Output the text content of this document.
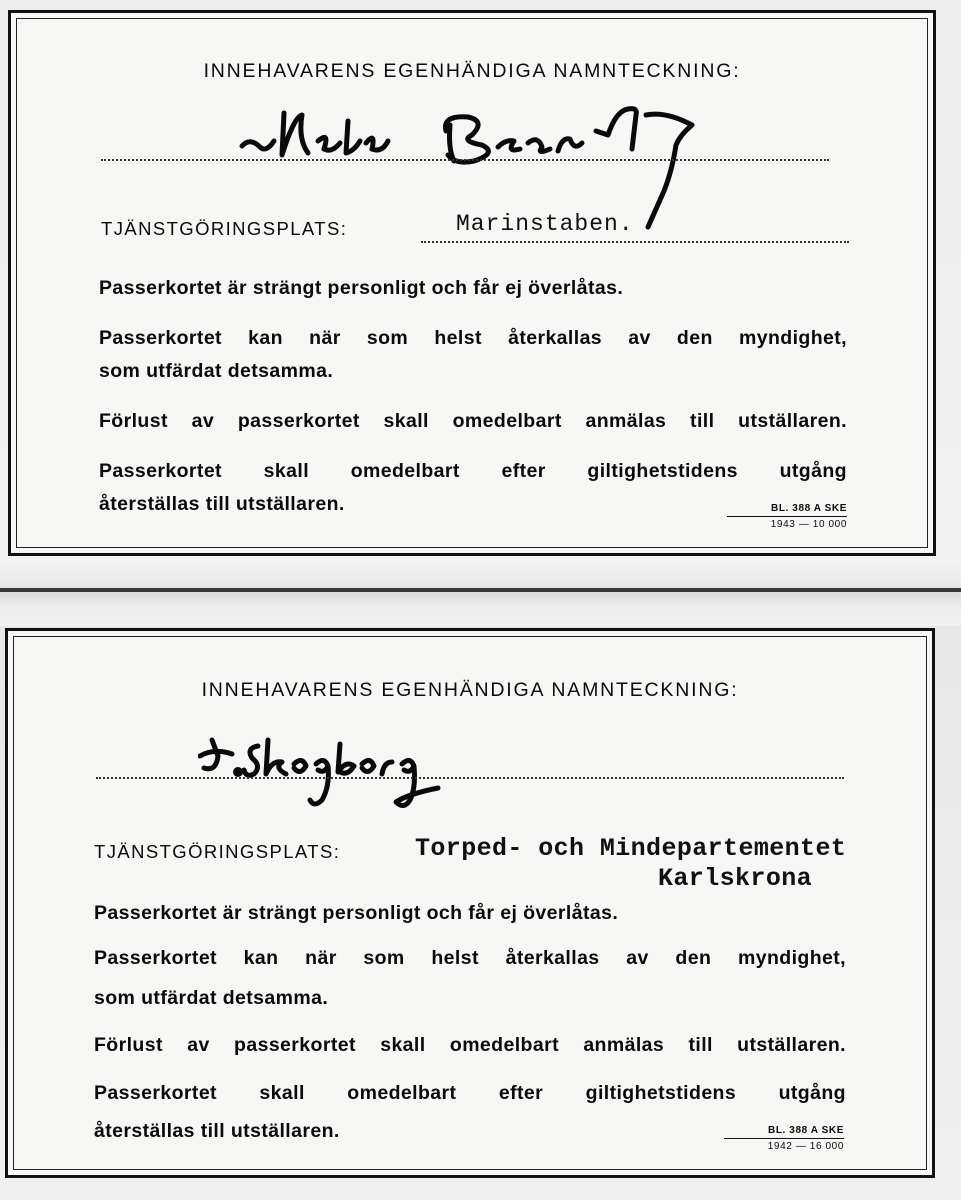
INNEHAVARENS EGENHÄNDIGA NAMNTECKNING:
TJÄNSTGÖRINGSPLATS:	Marinstaben.
Passerkortet är strängt personligt och får ej överlåtas.
Passerkortet kan när som helst återkallas av den myndighet,
som utfärdat detsamma.
Förlust av passerkortet skall omedelbart anmälas till utställaren.
Passerkortet skall omedelbart efter giltighetstidens utgång
återställas till utställaren.	BL. 388 A SKE
1943 — 10 000
INNEHAVARENS EGENHÄNDIGA NAMNTECKNING:
TJÄNSTGÖRINGSPLATS:	Torped- och Mindepartementet
Karlskrona
Passerkortet är strängt personligt och får ej överlåtas.
Passerkortet kan när som helst återkallas av den myndighet,
som utfärdat detsamma.
Förlust av passerkortet skall omedelbart anmälas till utställaren.
Passerkortet skall omedelbart efter giltighetstidens utgång
återställas till utställaren.	BL. 388 A SKE
1942 — 16 000
